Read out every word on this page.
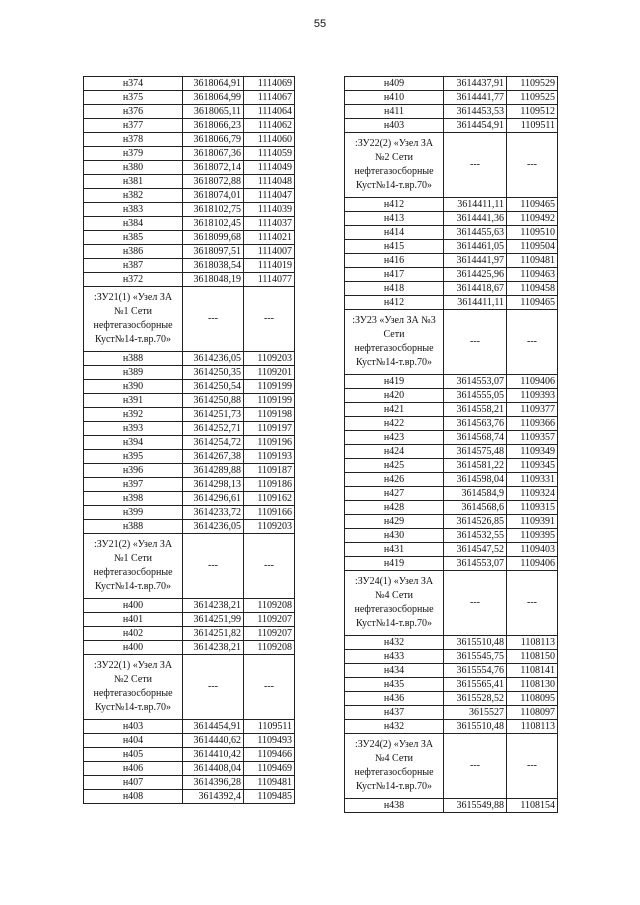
55
н374	3618064,91	1114069
н375	3618064,99	1114067
н376	3618065,11	1114064
н377	3618066,23	1114062
н378	3618066,79	1114060
н379	3618067,36	1114059
н380	3618072,14	1114049
н381	3618072,88	1114048
н382	3618074,01	1114047
н383	3618102,75	1114039
н384	3618102,45	1114037
н385	3618099,68	1114021
н386	3618097,51	1114007
н387	3618038,54	1114019
н372	3618048,19	1114077
:ЗУ21(1) «Узел ЗА №1 Сети нефтегазосборные Куст№14-т.вр.70»	---	---
н388	3614236,05	1109203
н389	3614250,35	1109201
н390	3614250,54	1109199
н391	3614250,88	1109199
н392	3614251,73	1109198
н393	3614252,71	1109197
н394	3614254,72	1109196
н395	3614267,38	1109193
н396	3614289,88	1109187
н397	3614298,13	1109186
н398	3614296,61	1109162
н399	3614233,72	1109166
н388	3614236,05	1109203
:ЗУ21(2) «Узел ЗА №1 Сети нефтегазосборные Куст№14-т.вр.70»	---	---
н400	3614238,21	1109208
н401	3614251,99	1109207
н402	3614251,82	1109207
н400	3614238,21	1109208
:ЗУ22(1) «Узел ЗА №2 Сети нефтегазосборные Куст№14-т.вр.70»	---	---
н403	3614454,91	1109511
н404	3614440,62	1109493
н405	3614410,42	1109466
н406	3614408,04	1109469
н407	3614396,28	1109481
н408	3614392,4	1109485
н409	3614437,91	1109529
н410	3614441,77	1109525
н411	3614453,53	1109512
н403	3614454,91	1109511
:ЗУ22(2) «Узел ЗА №2 Сети нефтегазосборные Куст№14-т.вр.70»	---	---
н412	3614411,11	1109465
н413	3614441,36	1109492
н414	3614455,63	1109510
н415	3614461,05	1109504
н416	3614441,97	1109481
н417	3614425,96	1109463
н418	3614418,67	1109458
н412	3614411,11	1109465
:ЗУ23 «Узел ЗА №3 Сети нефтегазосборные Куст№14-т.вр.70»	---	---
н419	3614553,07	1109406
н420	3614555,05	1109393
н421	3614558,21	1109377
н422	3614563,76	1109366
н423	3614568,74	1109357
н424	3614575,48	1109349
н425	3614581,22	1109345
н426	3614598,04	1109331
н427	3614584,9	1109324
н428	3614568,6	1109315
н429	3614526,85	1109391
н430	3614532,55	1109395
н431	3614547,52	1109403
н419	3614553,07	1109406
:ЗУ24(1) «Узел ЗА №4 Сети нефтегазосборные Куст№14-т.вр.70»	---	---
н432	3615510,48	1108113
н433	3615545,75	1108150
н434	3615554,76	1108141
н435	3615565,41	1108130
н436	3615528,52	1108095
н437	3615527	1108097
н432	3615510,48	1108113
:ЗУ24(2) «Узел ЗА №4 Сети нефтегазосборные Куст№14-т.вр.70»	---	---
н438	3615549,88	1108154
